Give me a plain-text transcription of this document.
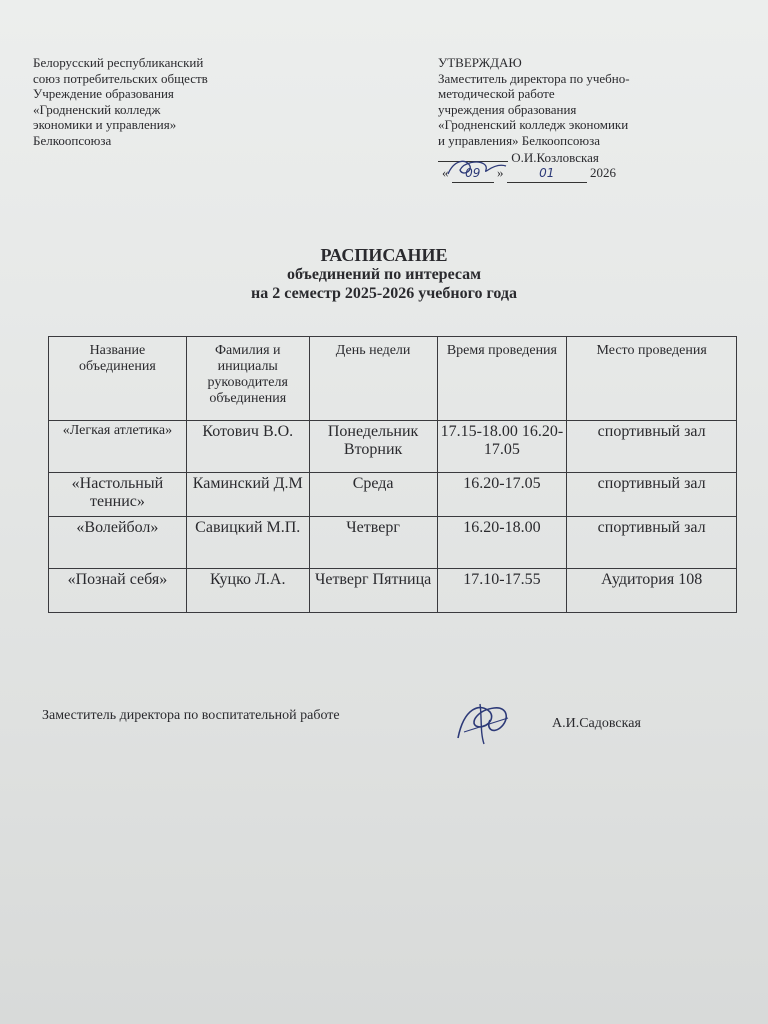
Белорусский республиканский
союз потребительских обществ
Учреждение образования
«Гродненский колледж
экономики и управления»
Белкоопсоюза
УТВЕРЖДАЮ
Заместитель директора по учебно-
методической работе
учреждения образования
«Гродненский колледж экономики
и управления» Белкоопсоюза
О.И.Козловская
« 09 »	01	2026
РАСПИСАНИЕ
объединений по интересам
на 2 семестр 2025-2026 учебного года
Название объединения	Фамилия и инициалы руководителя объединения	День недели	Время проведения	Место проведения
«Легкая атлетика»	Котович В.О.	Понедельник Вторник	17.15-18.00 16.20-17.05	спортивный зал
«Настольный теннис»	Каминский Д.М	Среда	16.20-17.05	спортивный зал
«Волейбол»	Савицкий М.П.	Четверг	16.20-18.00	спортивный зал
«Познай себя»	Куцко Л.А.	Четверг Пятница	17.10-17.55	Аудитория 108
Заместитель директора по воспитательной работе
А.И.Садовская
